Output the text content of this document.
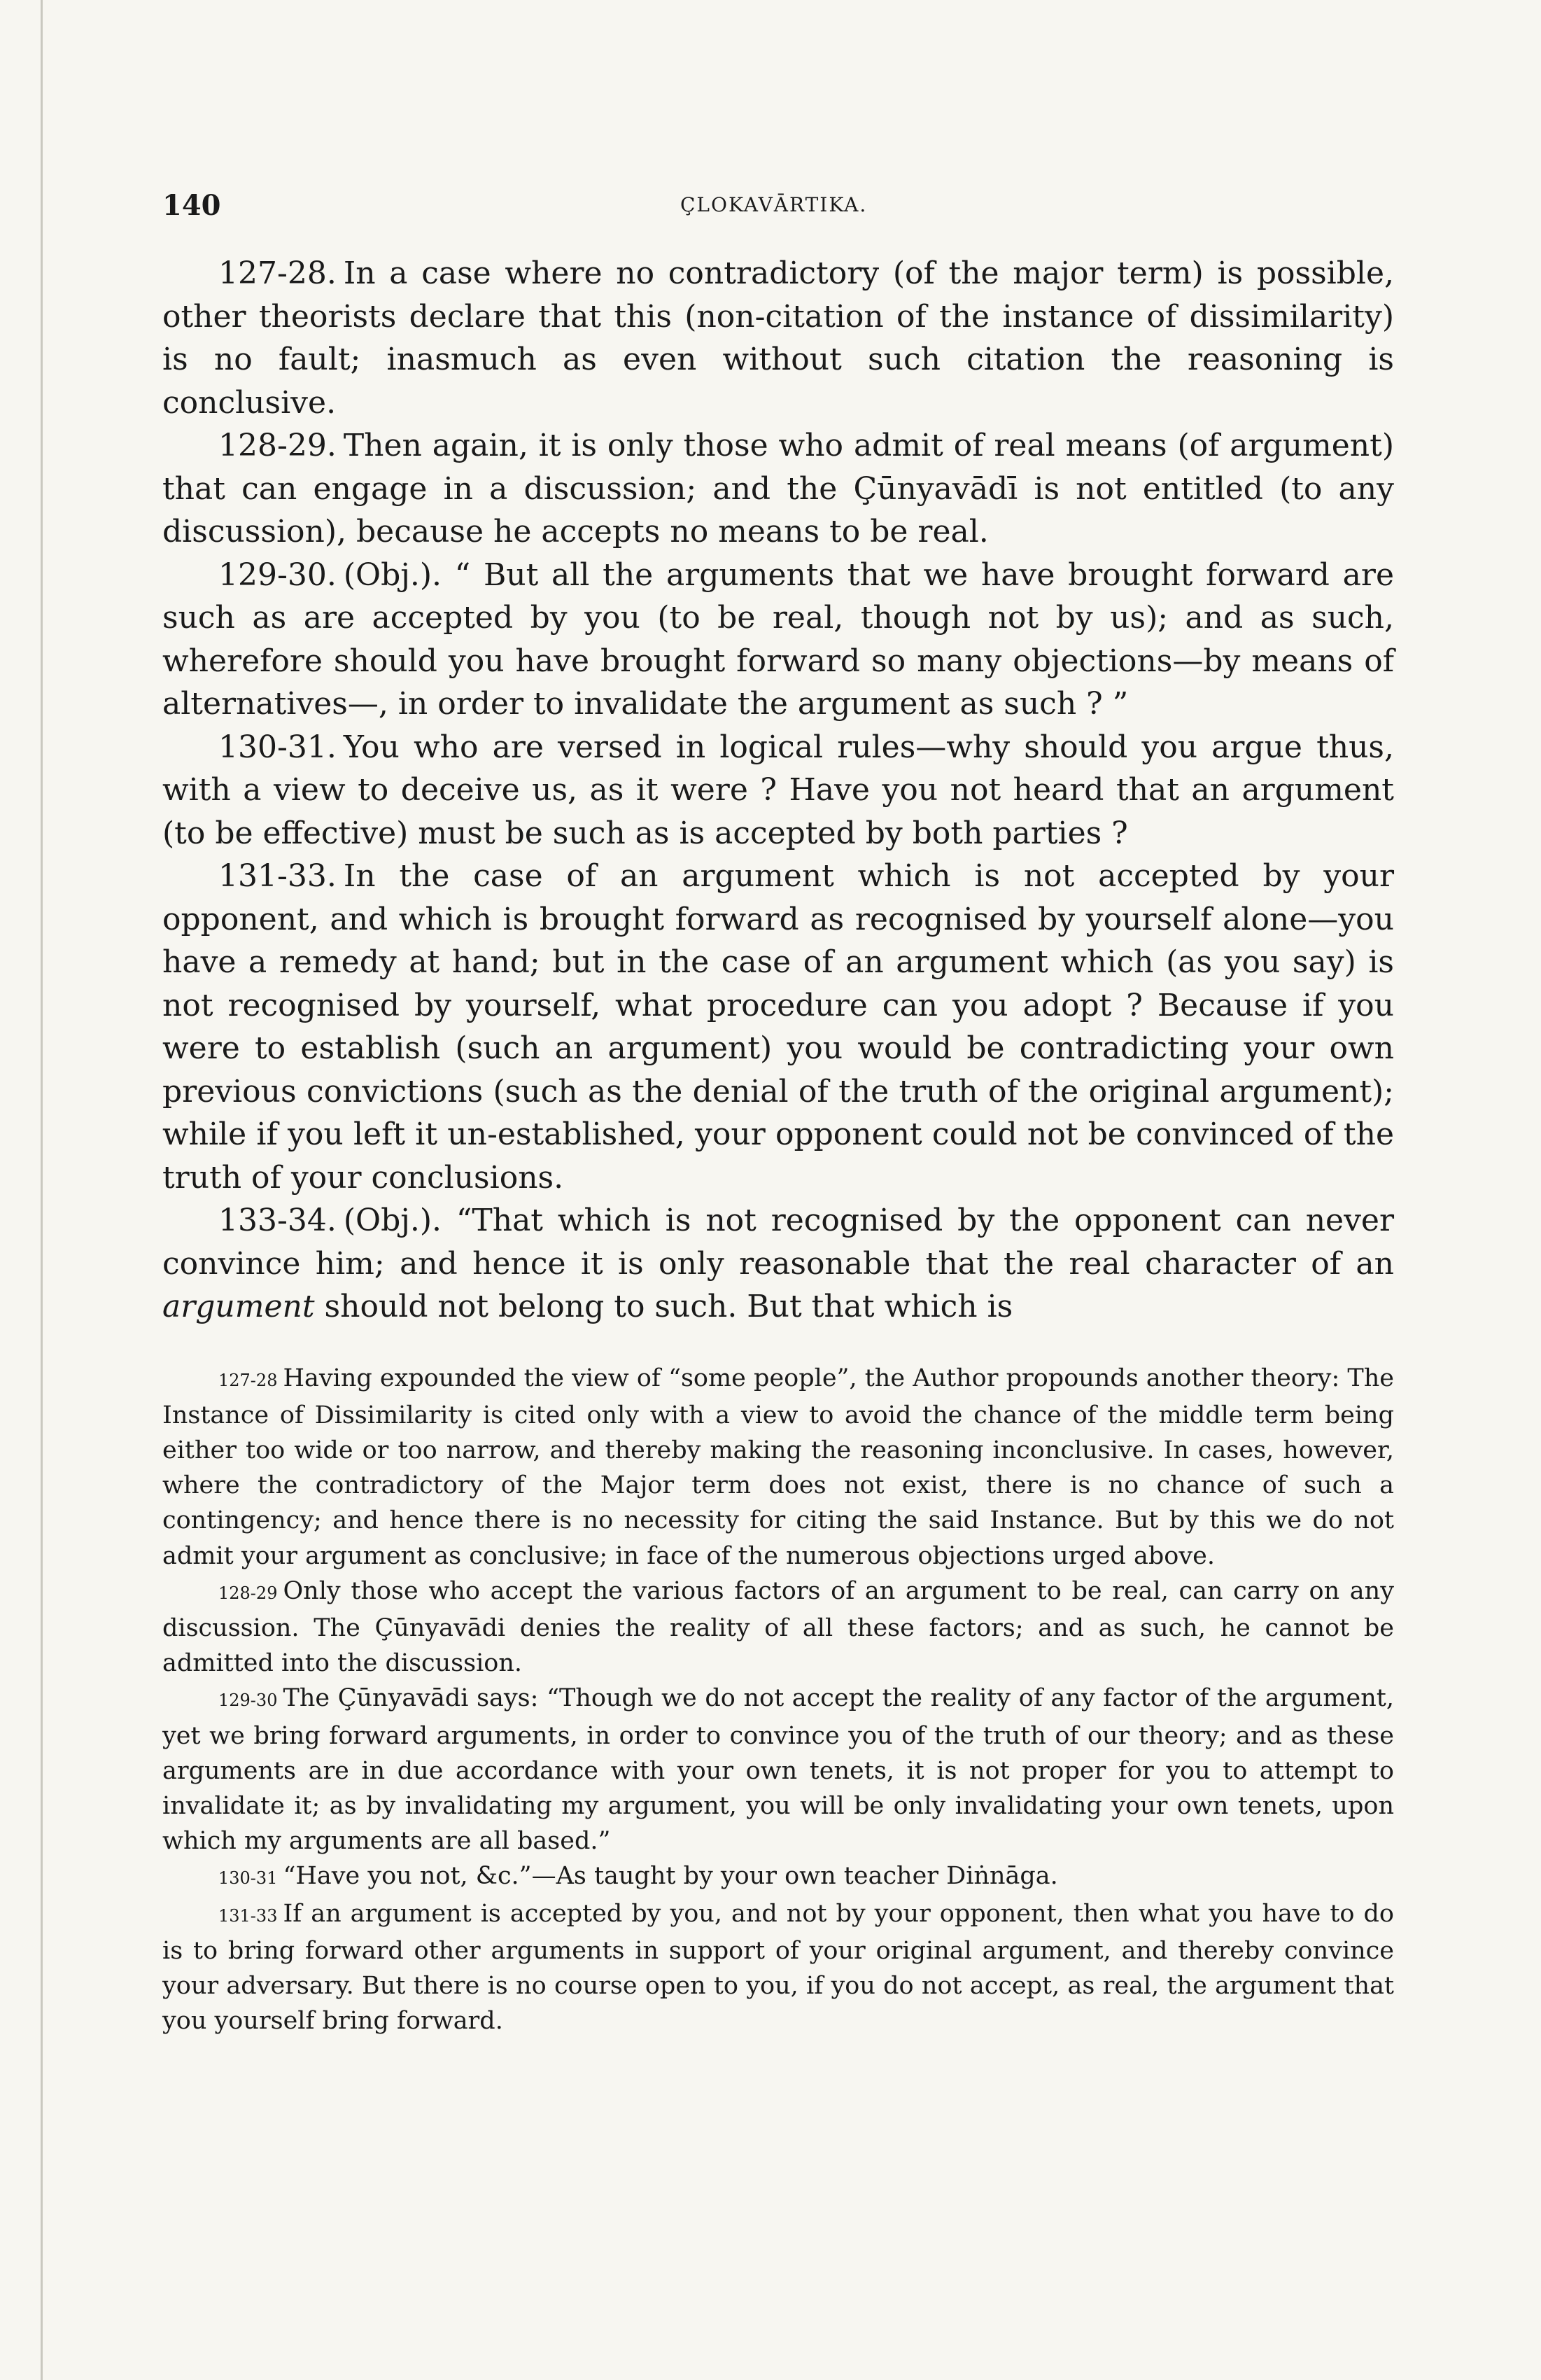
140	ÇLOKAVĀRTIKA.

127-28. In a case where no contradictory (of the major term) is possible, other theorists declare that this (non-citation of the instance of dissimilarity) is no fault; inasmuch as even without such citation the reasoning is conclusive.

128-29. Then again, it is only those who admit of real means (of argument) that can engage in a discussion; and the Çūnyavādī is not entitled (to any discussion), because he accepts no means to be real.

129-30. (Obj.). “ But all the arguments that we have brought forward are such as are accepted by you (to be real, though not by us); and as such, wherefore should you have brought forward so many objections—by means of alternatives—, in order to invalidate the argument as such ? ”

130-31. You who are versed in logical rules—why should you argue thus, with a view to deceive us, as it were ? Have you not heard that an argument (to be effective) must be such as is accepted by both parties ?

131-33. In the case of an argument which is not accepted by your opponent, and which is brought forward as recognised by yourself alone—you have a remedy at hand; but in the case of an argument which (as you say) is not recognised by yourself, what procedure can you adopt ? Because if you were to establish (such an argument) you would be contradicting your own previous convictions (such as the denial of the truth of the original argument); while if you left it un-established, your opponent could not be convinced of the truth of your conclusions.

133-34. (Obj.). “That which is not recognised by the opponent can never convince him; and hence it is only reasonable that the real character of an argument should not belong to such. But that which is

127-28 Having expounded the view of “some people”, the Author propounds another theory: The Instance of Dissimilarity is cited only with a view to avoid the chance of the middle term being either too wide or too narrow, and thereby making the reasoning inconclusive. In cases, however, where the contradictory of the Major term does not exist, there is no chance of such a contingency; and hence there is no necessity for citing the said Instance. But by this we do not admit your argument as conclusive; in face of the numerous objections urged above.

128-29 Only those who accept the various factors of an argument to be real, can carry on any discussion. The Çūnyavādi denies the reality of all these factors; and as such, he cannot be admitted into the discussion.

129-30 The Çūnyavādi says: “Though we do not accept the reality of any factor of the argument, yet we bring forward arguments, in order to convince you of the truth of our theory; and as these arguments are in due accordance with your own tenets, it is not proper for you to attempt to invalidate it; as by invalidating my argument, you will be only invalidating your own tenets, upon which my arguments are all based.”

130-31 “Have you not, &c.”—As taught by your own teacher Diṅnāga.

131-33 If an argument is accepted by you, and not by your opponent, then what you have to do is to bring forward other arguments in support of your original argument, and thereby convince your adversary. But there is no course open to you, if you do not accept, as real, the argument that you yourself bring forward.
